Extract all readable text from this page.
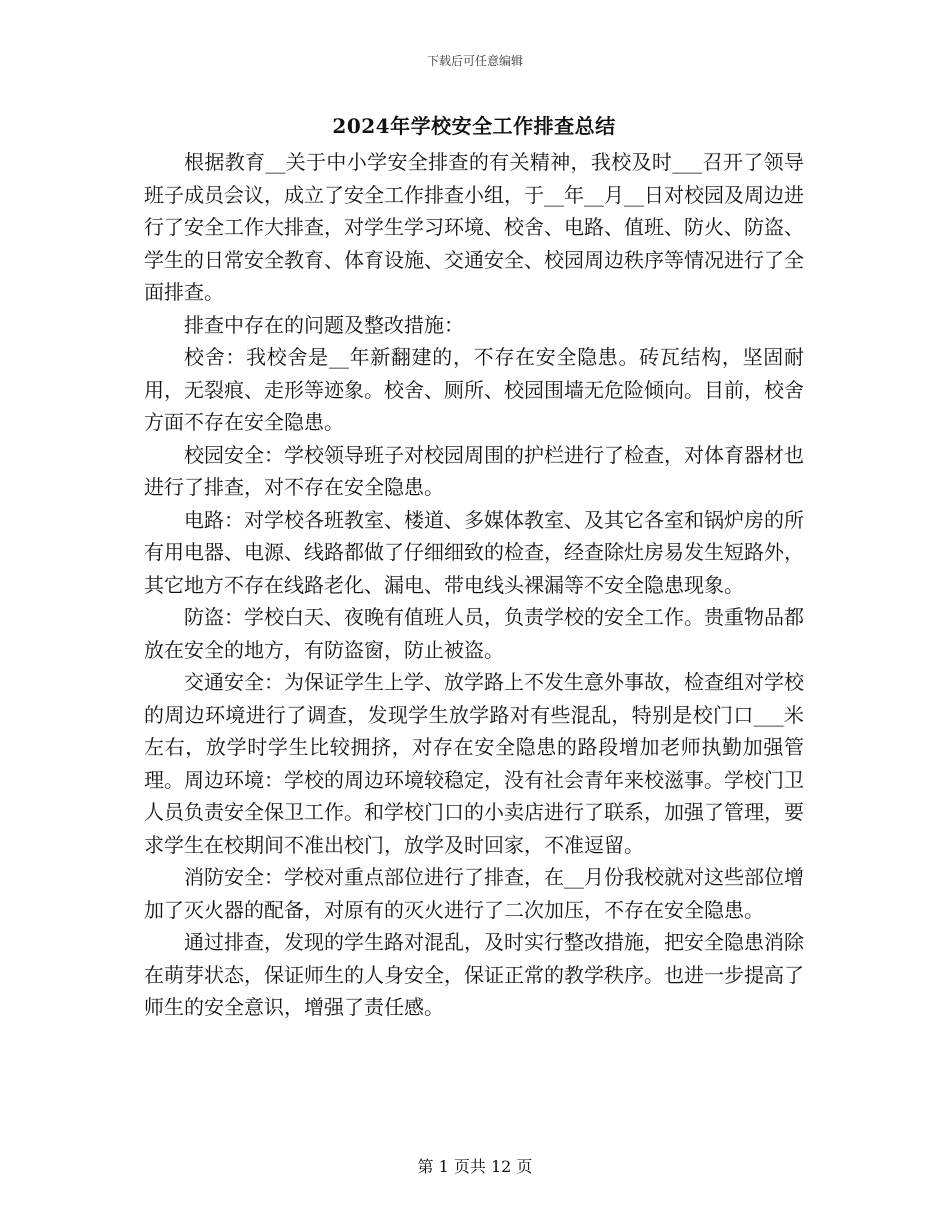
下载后可任意编辑
2024年学校安全工作排查总结

根据教育__关于中小学安全排查的有关精神，我校及时___召开了领导班子成员会议，成立了安全工作排查小组，于__年__月__日对校园及周边进行了安全工作大排查，对学生学习环境、校舍、电路、值班、防火、防盗、学生的日常安全教育、体育设施、交通安全、校园周边秩序等情况进行了全面排查。

排查中存在的问题及整改措施：

校舍：我校舍是__年新翻建的，不存在安全隐患。砖瓦结构，坚固耐用，无裂痕、走形等迹象。校舍、厕所、校园围墙无危险倾向。目前，校舍方面不存在安全隐患。

校园安全：学校领导班子对校园周围的护栏进行了检查，对体育器材也进行了排查，对不存在安全隐患。

电路：对学校各班教室、楼道、多媒体教室、及其它各室和锅炉房的所有用电器、电源、线路都做了仔细细致的检查，经查除灶房易发生短路外，其它地方不存在线路老化、漏电、带电线头裸漏等不安全隐患现象。

防盗：学校白天、夜晚有值班人员，负责学校的安全工作。贵重物品都放在安全的地方，有防盗窗，防止被盗。

交通安全：为保证学生上学、放学路上不发生意外事故，检查组对学校的周边环境进行了调查，发现学生放学路对有些混乱，特别是校门口___米左右，放学时学生比较拥挤，对存在安全隐患的路段增加老师执勤加强管理。周边环境：学校的周边环境较稳定，没有社会青年来校滋事。学校门卫人员负责安全保卫工作。和学校门口的小卖店进行了联系，加强了管理，要求学生在校期间不准出校门，放学及时回家，不准逗留。

消防安全：学校对重点部位进行了排查，在__月份我校就对这些部位增加了灭火器的配备，对原有的灭火进行了二次加压，不存在安全隐患。

通过排查，发现的学生路对混乱，及时实行整改措施，把安全隐患消除在萌芽状态，保证师生的人身安全，保证正常的教学秩序。也进一步提高了师生的安全意识，增强了责任感。

第 1 页共 12 页
